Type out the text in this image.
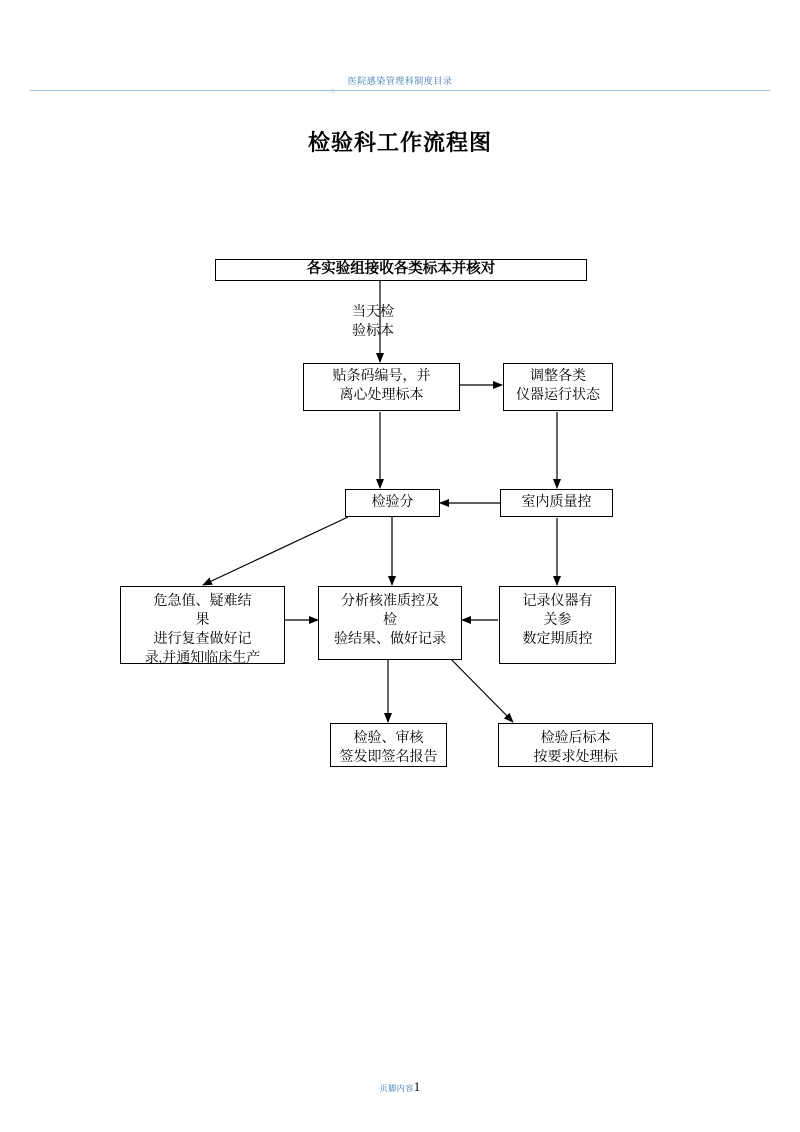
医院感染管理科制度目录
◇
检验科工作流程图
各实验组接收各类标本并核对
当天检
验标本
贴条码编号，并
离心处理标本
调整各类
仪器运行状态
检验分	室内质量控
危急值、疑难结
果
进行复查做好记
录,并通知临床生产
分析核准质控及
检
验结果、做好记录
记录仪器有
关参
数定期质控
检验、审核
签发即签名报告
检验后标本
按要求处理标
页脚内容1
